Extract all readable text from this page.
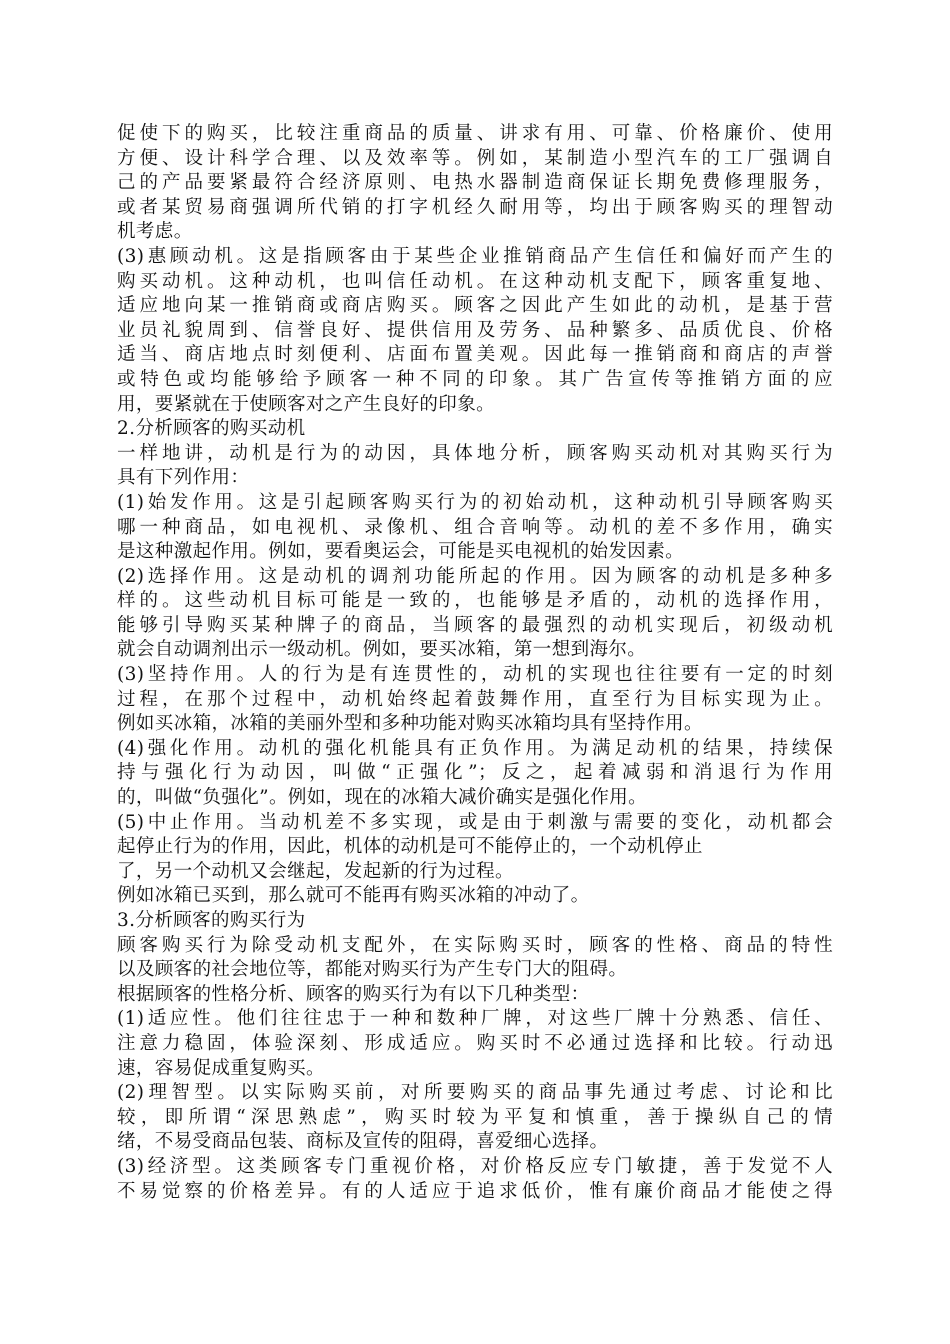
促使下的购买，比较注重商品的质量、讲求有用、可靠、价格廉价、使用
方便、设计科学合理、以及效率等。例如，某制造小型汽车的工厂强调自
己的产品要紧最符合经济原则、电热水器制造商保证长期免费修理服务，
或者某贸易商强调所代销的打字机经久耐用等，均出于顾客购买的理智动
机考虑。
(3)惠顾动机。这是指顾客由于某些企业推销商品产生信任和偏好而产生的
购买动机。这种动机，也叫信任动机。在这种动机支配下，顾客重复地、
适应地向某一推销商或商店购买。顾客之因此产生如此的动机，是基于营
业员礼貌周到、信誉良好、提供信用及劳务、品种繁多、品质优良、价格
适当、商店地点时刻便利、店面布置美观。因此每一推销商和商店的声誉
或特色或均能够给予顾客一种不同的印象。其广告宣传等推销方面的应
用，要紧就在于使顾客对之产生良好的印象。
2.分析顾客的购买动机
一样地讲，动机是行为的动因，具体地分析，顾客购买动机对其购买行为
具有下列作用：
(1)始发作用。这是引起顾客购买行为的初始动机，这种动机引导顾客购买
哪一种商品，如电视机、录像机、组合音响等。动机的差不多作用，确实
是这种激起作用。例如，要看奥运会，可能是买电视机的始发因素。
(2)选择作用。这是动机的调剂功能所起的作用。因为顾客的动机是多种多
样的。这些动机目标可能是一致的，也能够是矛盾的，动机的选择作用，
能够引导购买某种牌子的商品，当顾客的最强烈的动机实现后，初级动机
就会自动调剂出示一级动机。例如，要买冰箱，第一想到海尔。
(3)坚持作用。人的行为是有连贯性的，动机的实现也往往要有一定的时刻
过程，在那个过程中，动机始终起着鼓舞作用，直至行为目标实现为止。
例如买冰箱，冰箱的美丽外型和多种功能对购买冰箱均具有坚持作用。
(4)强化作用。动机的强化机能具有正负作用。为满足动机的结果，持续保
持与强化行为动因，叫做“正强化”；反之，起着减弱和消退行为作用
的，叫做“负强化”。例如，现在的冰箱大减价确实是强化作用。
(5)中止作用。当动机差不多实现，或是由于刺激与需要的变化，动机都会
起停止行为的作用，因此，机体的动机是可不能停止的，一个动机停止
了，另一个动机又会继起，发起新的行为过程。
例如冰箱已买到，那么就可不能再有购买冰箱的冲动了。
3.分析顾客的购买行为
顾客购买行为除受动机支配外，在实际购买时，顾客的性格、商品的特性
以及顾客的社会地位等，都能对购买行为产生专门大的阻碍。
根据顾客的性格分析、顾客的购买行为有以下几种类型：
(1)适应性。他们往往忠于一种和数种厂牌，对这些厂牌十分熟悉、信任、
注意力稳固，体验深刻、形成适应。购买时不必通过选择和比较。行动迅
速，容易促成重复购买。
(2)理智型。以实际购买前，对所要购买的商品事先通过考虑、讨论和比
较，即所谓“深思熟虑”，购买时较为平复和慎重，善于操纵自己的情
绪，不易受商品包装、商标及宣传的阻碍，喜爱细心选择。
(3)经济型。这类顾客专门重视价格，对价格反应专门敏捷，善于发觉不人
不易觉察的价格差异。有的人适应于追求低价，惟有廉价商品才能使之得
